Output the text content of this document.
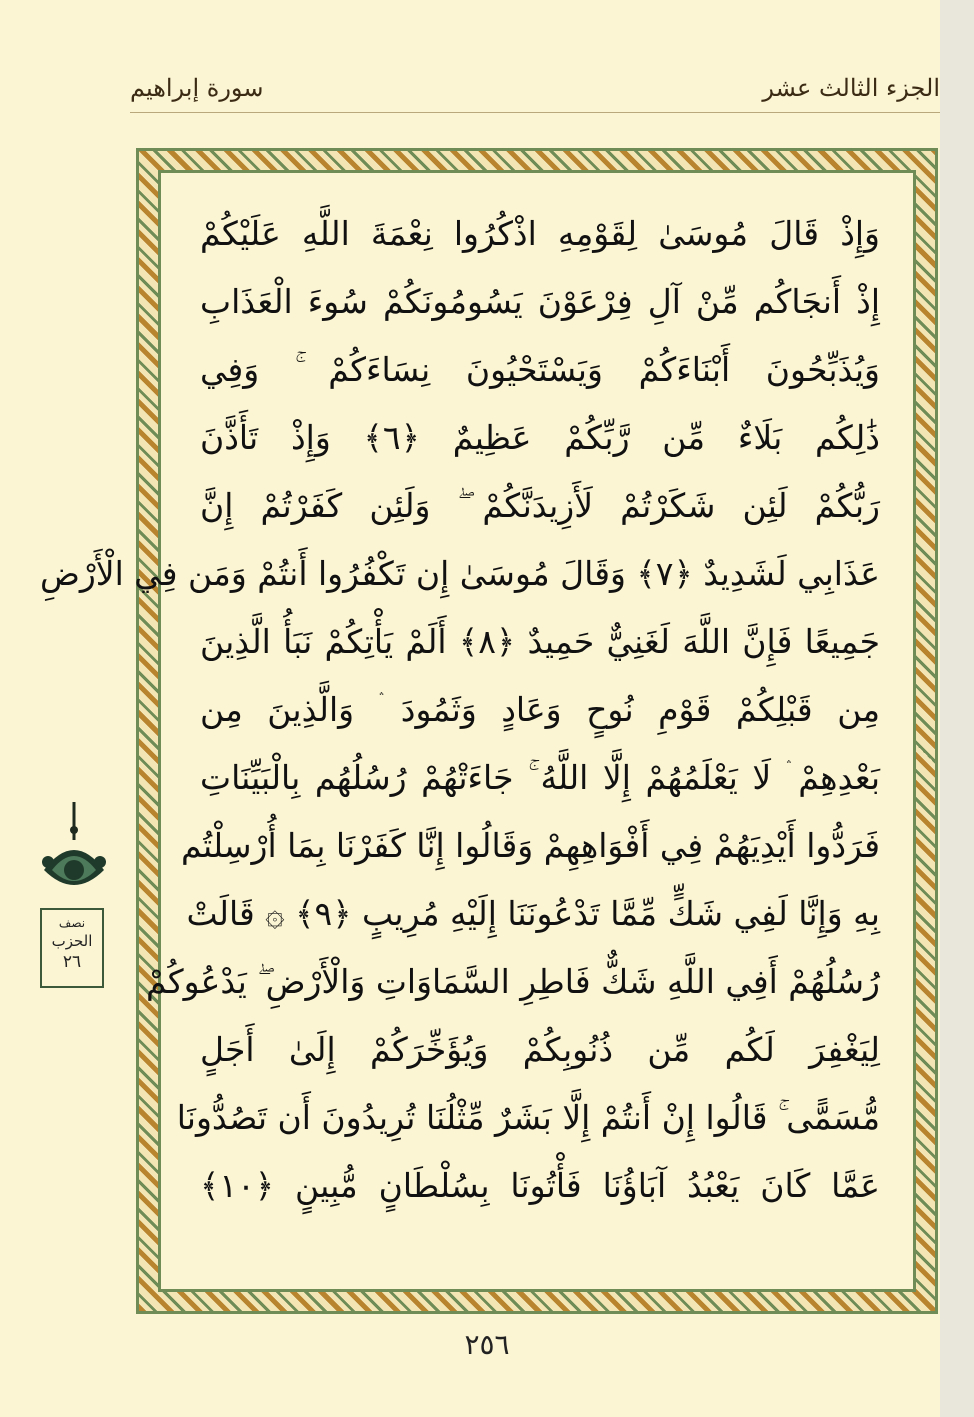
سورة إبراهيم	الجزء الثالث عشر
وَإِذْ قَالَ مُوسَىٰ لِقَوْمِهِ اذْكُرُوا نِعْمَةَ اللَّهِ عَلَيْكُمْ
إِذْ أَنجَاكُم مِّنْ آلِ فِرْعَوْنَ يَسُومُونَكُمْ سُوءَ الْعَذَابِ
وَيُذَبِّحُونَ أَبْنَاءَكُمْ وَيَسْتَحْيُونَ نِسَاءَكُمْ ۚ وَفِي
ذَٰلِكُم بَلَاءٌ مِّن رَّبِّكُمْ عَظِيمٌ ﴿٦﴾ وَإِذْ تَأَذَّنَ
رَبُّكُمْ لَئِن شَكَرْتُمْ لَأَزِيدَنَّكُمْ ۖ وَلَئِن كَفَرْتُمْ إِنَّ
عَذَابِي لَشَدِيدٌ ﴿٧﴾ وَقَالَ مُوسَىٰ إِن تَكْفُرُوا أَنتُمْ وَمَن فِي الْأَرْضِ
جَمِيعًا فَإِنَّ اللَّهَ لَغَنِيٌّ حَمِيدٌ ﴿٨﴾ أَلَمْ يَأْتِكُمْ نَبَأُ الَّذِينَ
مِن قَبْلِكُمْ قَوْمِ نُوحٍ وَعَادٍ وَثَمُودَ ۛ وَالَّذِينَ مِن
بَعْدِهِمْ ۛ لَا يَعْلَمُهُمْ إِلَّا اللَّهُ ۚ جَاءَتْهُمْ رُسُلُهُم بِالْبَيِّنَاتِ
فَرَدُّوا أَيْدِيَهُمْ فِي أَفْوَاهِهِمْ وَقَالُوا إِنَّا كَفَرْنَا بِمَا أُرْسِلْتُم
بِهِ وَإِنَّا لَفِي شَكٍّ مِّمَّا تَدْعُونَنَا إِلَيْهِ مُرِيبٍ ﴿٩﴾ ۞ قَالَتْ
رُسُلُهُمْ أَفِي اللَّهِ شَكٌّ فَاطِرِ السَّمَاوَاتِ وَالْأَرْضِ ۖ يَدْعُوكُمْ
لِيَغْفِرَ لَكُم مِّن ذُنُوبِكُمْ وَيُؤَخِّرَكُمْ إِلَىٰ أَجَلٍ
مُّسَمًّى ۚ قَالُوا إِنْ أَنتُمْ إِلَّا بَشَرٌ مِّثْلُنَا تُرِيدُونَ أَن تَصُدُّونَا
عَمَّا كَانَ يَعْبُدُ آبَاؤُنَا فَأْتُونَا بِسُلْطَانٍ مُّبِينٍ ﴿١٠﴾
نصف
الحزب
٢٦
٢٥٦
